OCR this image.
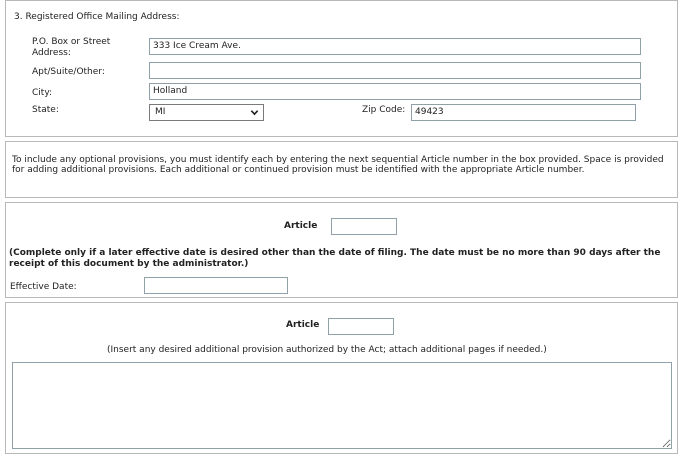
3. Registered Office Mailing Address:
P.O. Box or Street Address:
333 Ice Cream Ave.
Apt/Suite/Other:
City:	Holland
State:	MI	Zip Code:	49423
To include any optional provisions, you must identify each by entering the next sequential Article number in the box provided. Space is provided for adding additional provisions. Each additional or continued provision must be identified with the appropriate Article number.
Article
(Complete only if a later effective date is desired other than the date of filing. The date must be no more than 90 days after the receipt of this document by the administrator.)
Effective Date:
Article
(Insert any desired additional provision authorized by the Act; attach additional pages if needed.)
